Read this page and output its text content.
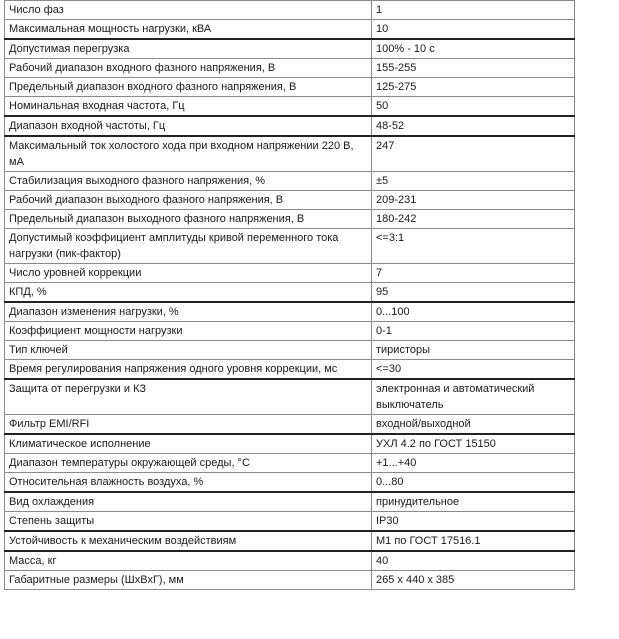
Число фаз	1
Максимальная мощность нагрузки, кВА	10
Допустимая перегрузка	100% - 10 с
Рабочий диапазон входного фазного напряжения, В	155-255
Предельный диапазон входного фазного напряжения, В	125-275
Номинальная входная частота, Гц	50
Диапазон входной частоты, Гц	48-52
Максимальный ток холостого хода при входном напряжении 220 В, мА	247
Стабилизация выходного фазного напряжения, %	±5
Рабочий диапазон выходного фазного напряжения, В	209-231
Предельный диапазон выходного фазного напряжения, В	180-242
Допустимый коэффициент амплитуды кривой переменного тока нагрузки (пик-фактор)	<=3:1
Число уровней коррекции	7
КПД, %	95
Диапазон изменения нагрузки, %	0...100
Коэффициент мощности нагрузки	0-1
Тип ключей	тиристоры
Время регулирования напряжения одного уровня коррекции, мс	<=30
Защита от перегрузки и КЗ	электронная и автоматический выключатель
Фильтр EMI/RFI	входной/выходной
Климатическое исполнение	УХЛ 4.2 по ГОСТ 15150
Диапазон температуры окружающей среды, °С	+1...+40
Относительная влажность воздуха, %	0...80
Вид охлаждения	принудительное
Степень защиты	IP30
Устойчивость к механическим воздействиям	М1 по ГОСТ 17516.1
Масса, кг	40
Габаритные размеры (ШхВхГ), мм	265 x 440 x 385
